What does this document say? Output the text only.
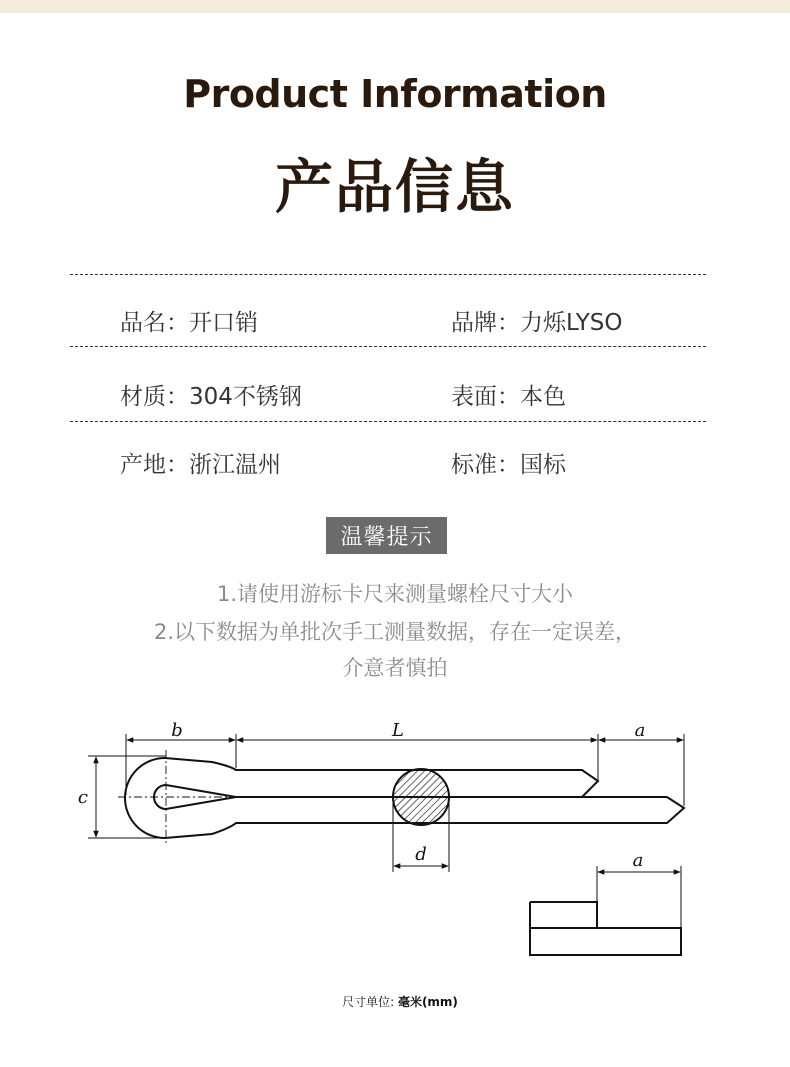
Product Information
产品信息
品名：开口销	品牌：力烁LYSO
材质：304不锈钢	表面：本色
产地：浙江温州	标准：国标
温馨提示
1.请使用游标卡尺来测量螺栓尺寸大小
2.以下数据为单批次手工测量数据，存在一定误差，
介意者慎拍
b	L	a
c
d	a
尺寸单位: 毫米(mm)
